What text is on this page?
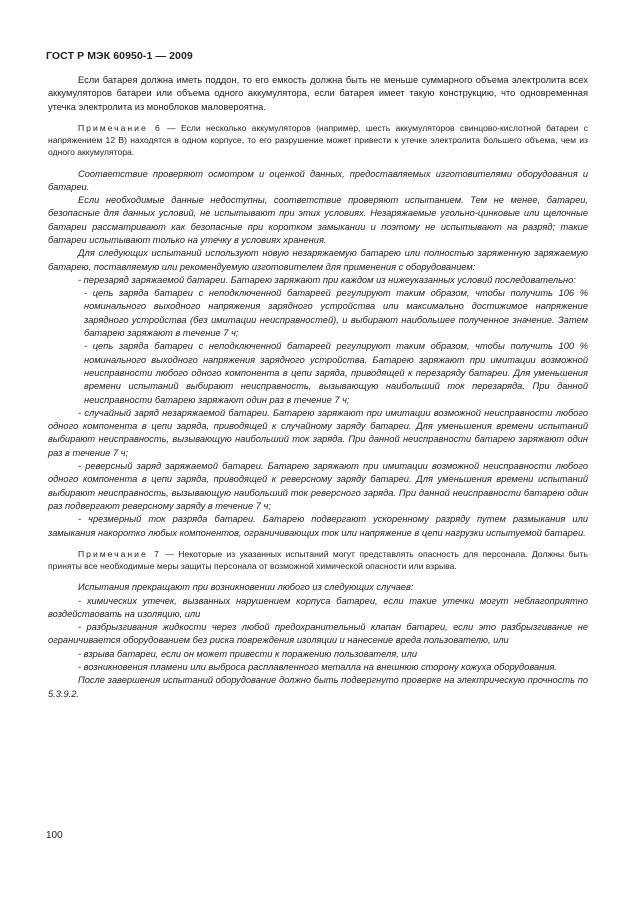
ГОСТ Р МЭК 60950-1 — 2009

Если батарея должна иметь поддон, то его емкость должна быть не меньше суммарного объема электролита всех аккумуляторов батареи или объема одного аккумулятора, если батарея имеет такую конструкцию, что одновременная утечка электролита из моноблоков маловероятна.

Примечание 6 — Если несколько аккумуляторов (например, шесть аккумуляторов свинцово-кислотной батареи с напряжением 12 В) находятся в одном корпусе, то его разрушение может привести к утечке электролита большего объема, чем из одного аккумулятора.

Соответствие проверяют осмотром и оценкой данных, предоставляемых изготовителями оборудования и батареи.

Если необходимые данные недоступны, соответствие проверяют испытанием. Тем не менее, батареи, безопасные для данных условий, не испытывают при этих условиях. Незаряжаемые угольно-цинковые или щелочные батареи рассматривают как безопасные при коротком замыкании и поэтому не испытывают на разряд; такие батареи испытывают только на утечку в условиях хранения.

Для следующих испытаний используют новую незаряжаемую батарею или полностью заряженную заряжаемую батарею, поставляемую или рекомендуемую изготовителем для применения с оборудованием:

- перезаряд заряжаемой батареи. Батарею заряжают при каждом из нижеуказанных условий последовательно:

- цепь заряда батареи с неподключенной батареей регулируют таким образом, чтобы получить 106 % номинального выходного напряжения зарядного устройства или максимально достижимое напряжение зарядного устройства (без имитации неисправностей), и выбирают наибольшее полученное значение. Затем батарею заряжают в течение 7 ч;

- цепь заряда батареи с неподключенной батареей регулируют таким образом, чтобы получить 100 % номинального выходного напряжения зарядного устройства. Батарею заряжают при имитации возможной неисправности любого одного компонента в цепи заряда, приводящей к перезаряду батареи. Для уменьшения времени испытаний выбирают неисправность, вызывающую наибольший ток перезаряда. При данной неисправности батарею заряжают один раз в течение 7 ч;

- случайный заряд незаряжаемой батареи. Батарею заряжают при имитации возможной неисправности любого одного компонента в цепи заряда, приводящей к случайному заряду батареи. Для уменьшения времени испытаний выбирают неисправность, вызывающую наибольший ток заряда. При данной неисправности батарею заряжают один раз в течение 7 ч;

- реверсный заряд заряжаемой батареи. Батарею заряжают при имитации возможной неисправности любого одного компонента в цепи заряда, приводящей к реверсному заряду батареи. Для уменьшения времени испытаний выбирают неисправность, вызывающую наибольший ток реверсного заряда. При данной неисправности батарею один раз подвергают реверсному заряду в течение 7 ч;

- чрезмерный ток разряда батареи. Батарею подвергают ускоренному разряду путем размыкания или замыкания накоротко любых компонентов, ограничивающих ток или напряжение в цепи нагрузки испытуемой батареи.

Примечание 7 — Некоторые из указанных испытаний могут представлять опасность для персонала. Должны быть приняты все необходимые меры защиты персонала от возможной химической опасности или взрыва.

Испытания прекращают при возникновении любого из следующих случаев:

- химических утечек, вызванных нарушением корпуса батареи, если такие утечки могут неблагоприятно воздействовать на изоляцию, или

- разбрызгивания жидкости через любой предохранительный клапан батареи, если это разбрызгивание не ограничивается оборудованием без риска повреждения изоляции и нанесение вреда пользователю, или

- взрыва батареи, если он может привести к поражению пользователя, или

- возникновения пламени или выброса расплавленного металла на внешнюю сторону кожуха оборудования.

После завершения испытаний оборудование должно быть подвергнуто проверке на электрическую прочность по 5.3.9.2.

100
